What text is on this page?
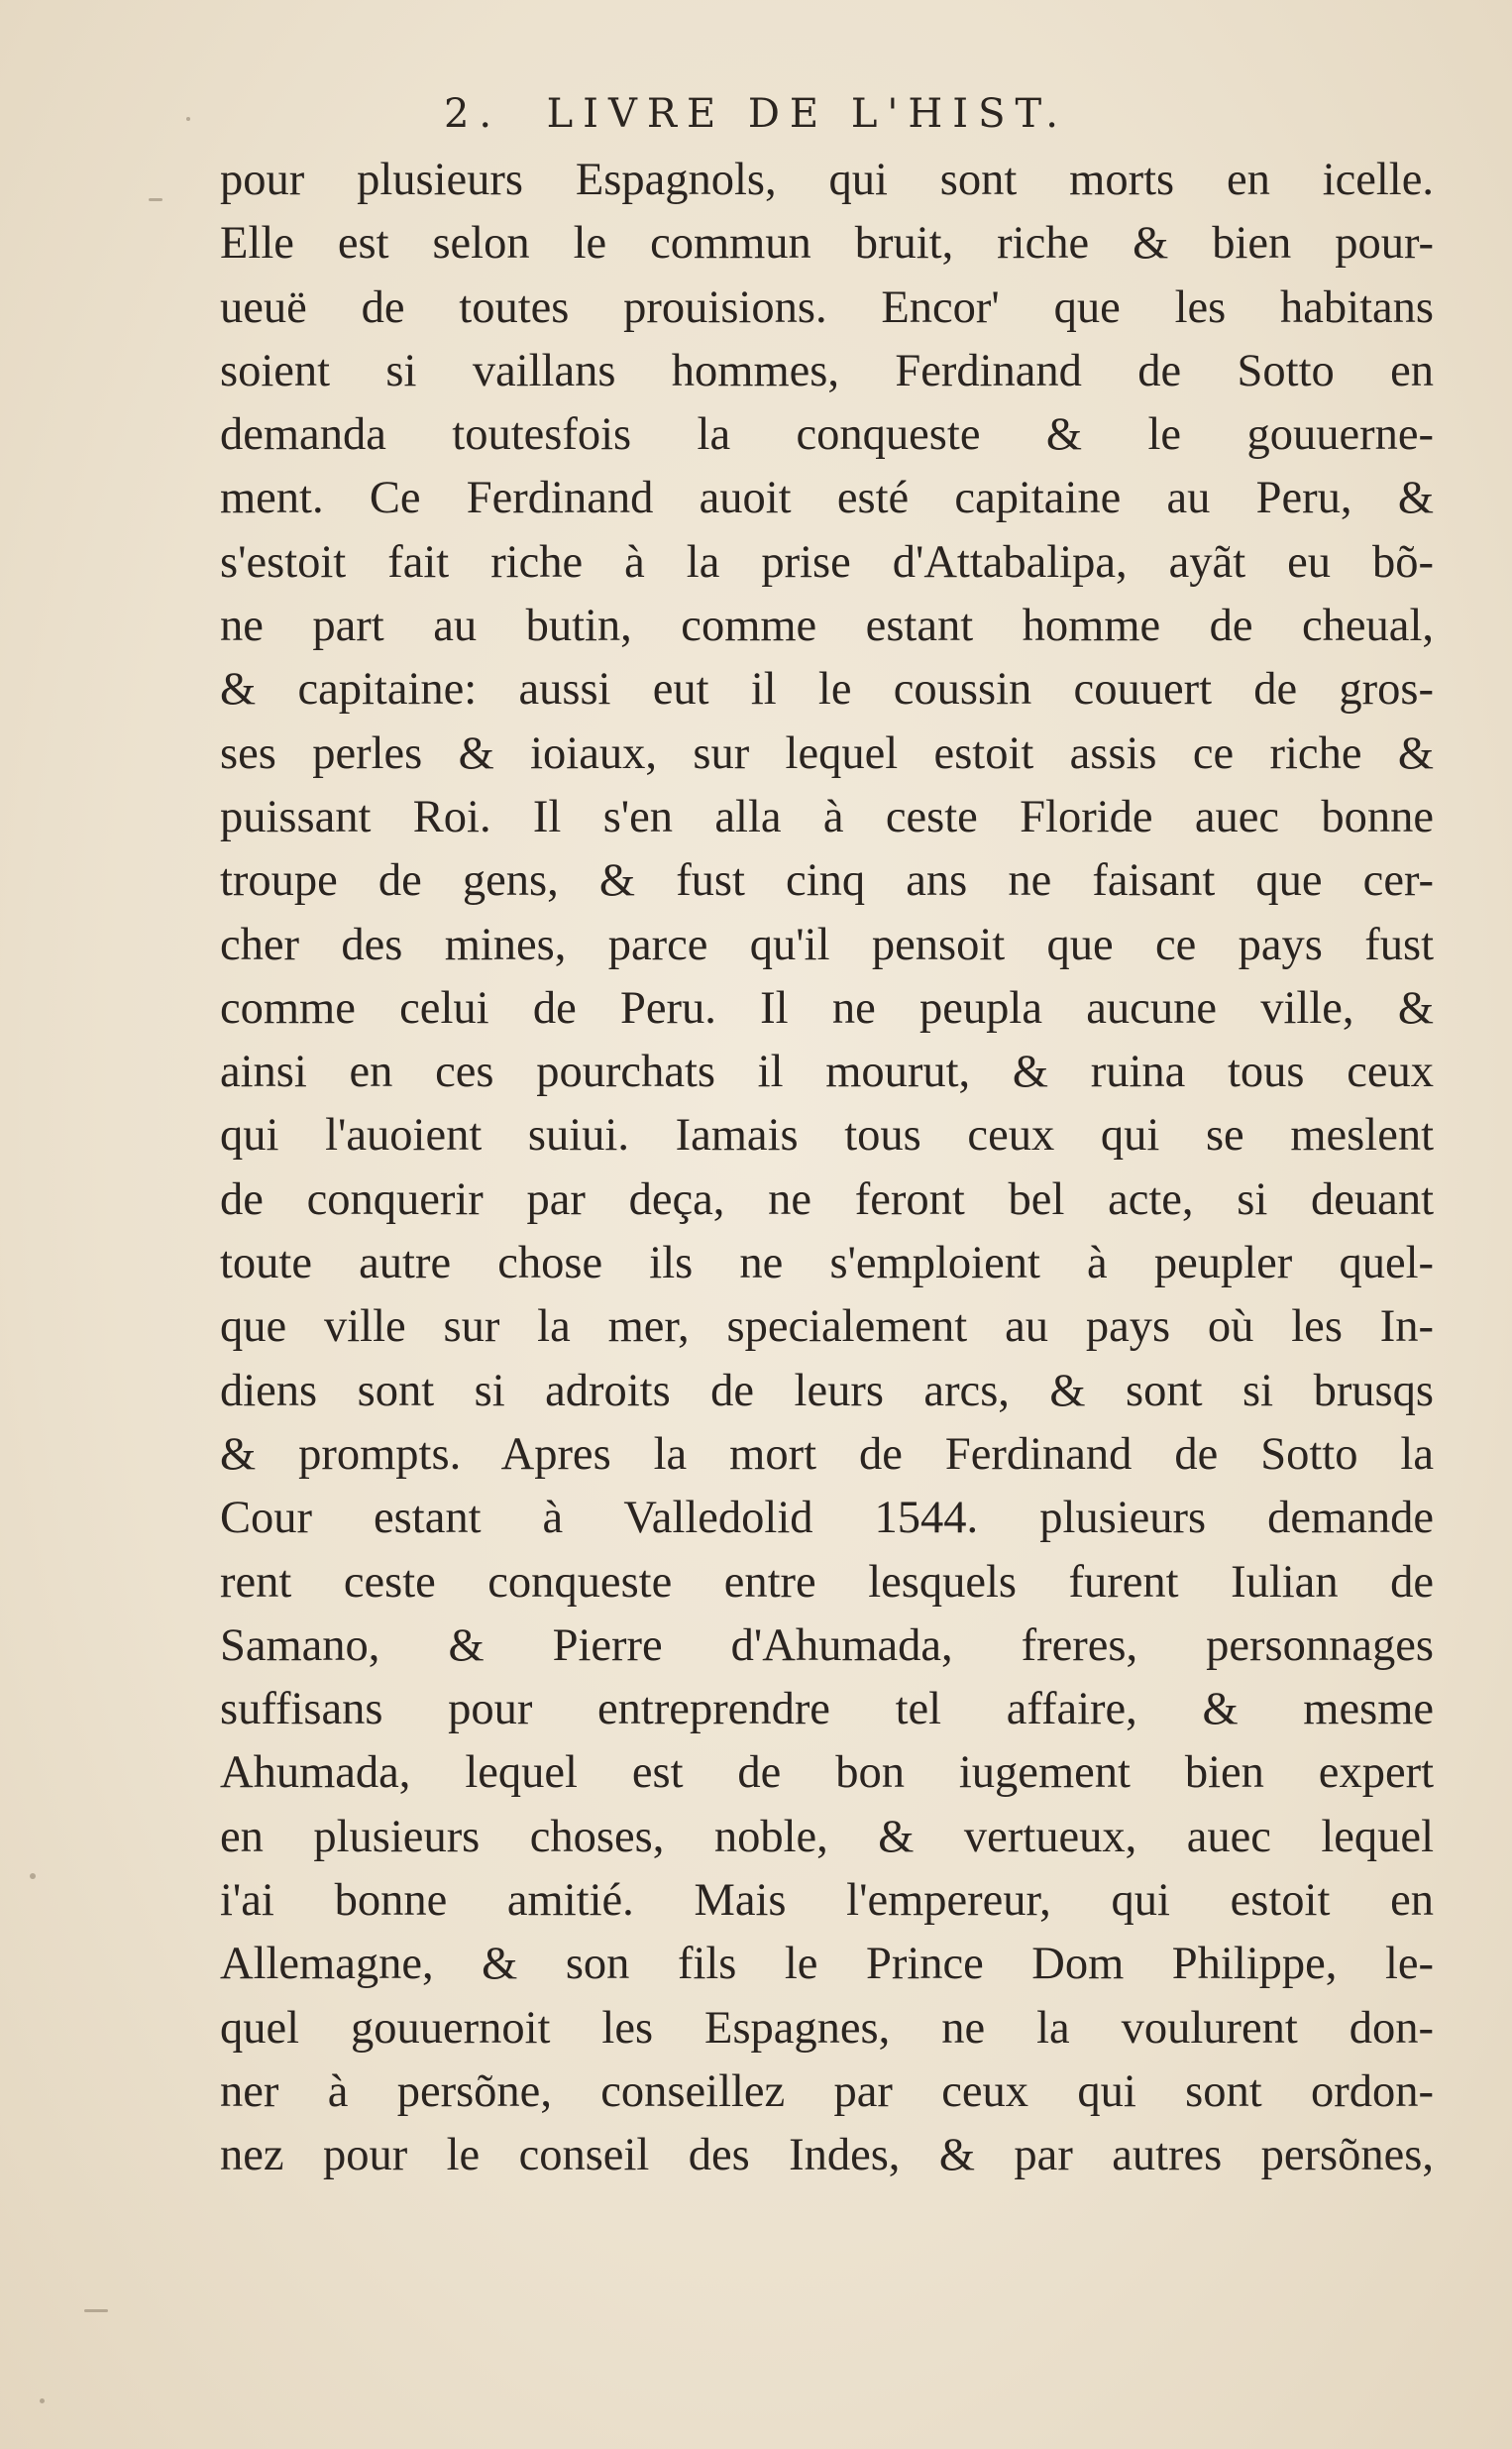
2. LIVRE DE L'HIST.
pour plusieurs Espagnols, qui sont morts en icelle.
Elle est selon le commun bruit, riche & bien pour-
ueuë de toutes prouisions. Encor' que les habitans
soient si vaillans hommes, Ferdinand de Sotto en
demanda toutesfois la conqueste & le gouuerne-
ment. Ce Ferdinand auoit esté capitaine au Peru, &
s'estoit fait riche à la prise d'Attabalipa, ayãt eu bõ-
ne part au butin, comme estant homme de cheual,
& capitaine: aussi eut il le coussin couuert de gros-
ses perles & ioiaux, sur lequel estoit assis ce riche &
puissant Roi. Il s'en alla à ceste Floride auec bonne
troupe de gens, & fust cinq ans ne faisant que cer-
cher des mines, parce qu'il pensoit que ce pays fust
comme celui de Peru. Il ne peupla aucune ville, &
ainsi en ces pourchats il mourut, & ruina tous ceux
qui l'auoient suiui. Iamais tous ceux qui se meslent
de conquerir par deça, ne feront bel acte, si deuant
toute autre chose ils ne s'emploient à peupler quel-
que ville sur la mer, specialement au pays où les In-
diens sont si adroits de leurs arcs, & sont si brusqs
& prompts. Apres la mort de Ferdinand de Sotto la
Cour estant à Valledolid 1544. plusieurs demande
rent ceste conqueste entre lesquels furent Iulian de
Samano, & Pierre d'Ahumada, freres, personnages
suffisans pour entreprendre tel affaire, & mesme
Ahumada, lequel est de bon iugement bien expert
en plusieurs choses, noble, & vertueux, auec lequel
i'ai bonne amitié. Mais l'empereur, qui estoit en
Allemagne, & son fils le Prince Dom Philippe, le-
quel gouuernoit les Espagnes, ne la voulurent don-
ner à persõne, conseillez par ceux qui sont ordon-
nez pour le conseil des Indes, & par autres persõnes,
